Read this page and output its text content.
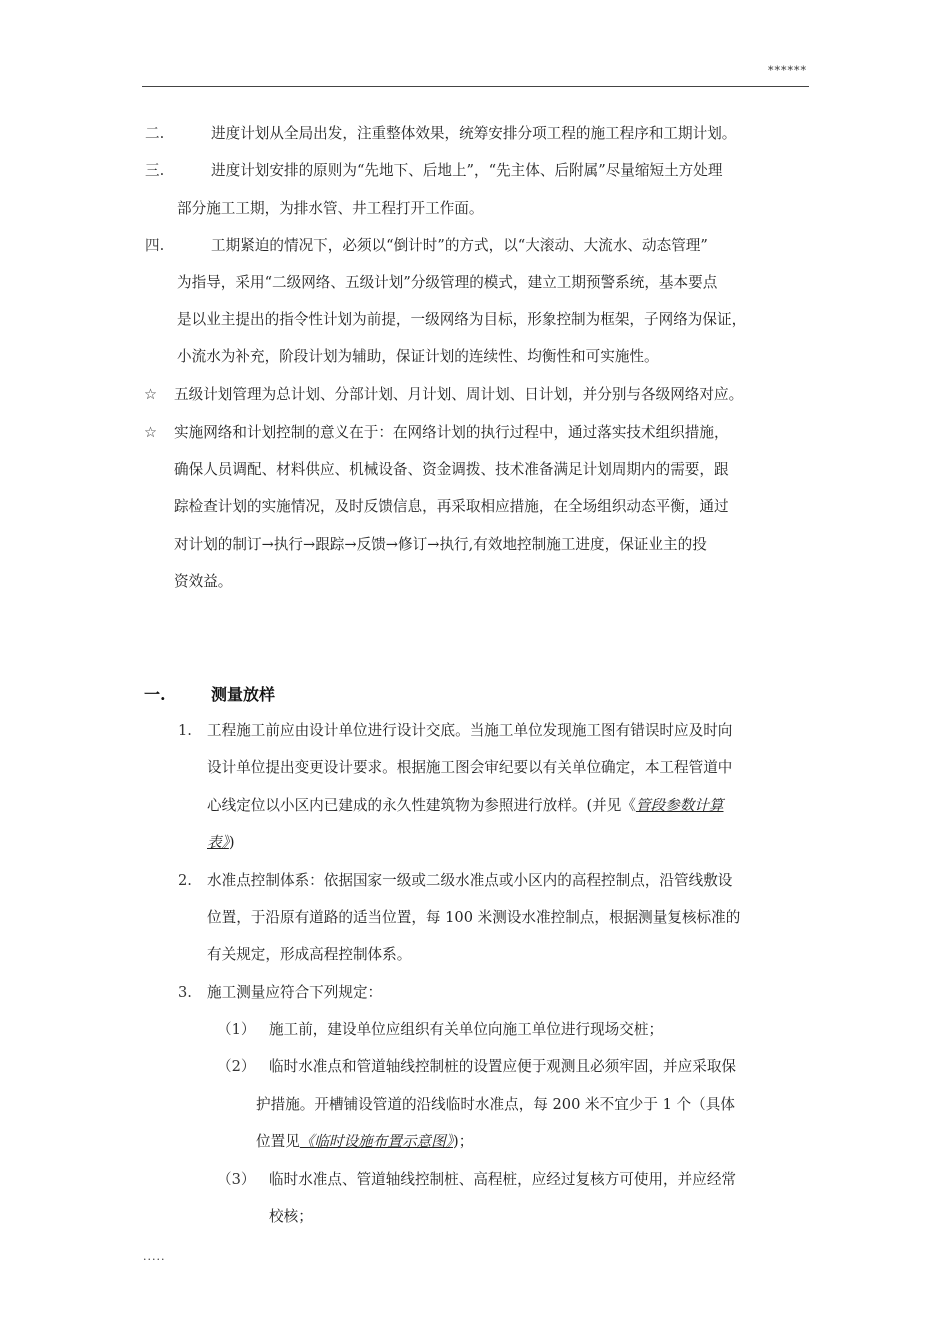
******
二.	进度计划从全局出发，注重整体效果，统筹安排分项工程的施工程序和工期计划。
三.	进度计划安排的原则为“先地下、后地上”，“先主体、后附属”尽量缩短土方处理
部分施工工期，为排水管、井工程打开工作面。
四.	工期紧迫的情况下，必须以“倒计时”的方式，以“大滚动、大流水、动态管理”
为指导，采用“二级网络、五级计划”分级管理的模式，建立工期预警系统，基本要点
是以业主提出的指令性计划为前提，一级网络为目标，形象控制为框架，子网络为保证，
小流水为补充，阶段计划为辅助，保证计划的连续性、均衡性和可实施性。
☆ 五级计划管理为总计划、分部计划、月计划、周计划、日计划，并分别与各级网络对应。
☆ 实施网络和计划控制的意义在于：在网络计划的执行过程中，通过落实技术组织措施，
确保人员调配、材料供应、机械设备、资金调拨、技术准备满足计划周期内的需要，跟
踪检查计划的实施情况，及时反馈信息，再采取相应措施，在全场组织动态平衡，通过
对计划的制订→执行→跟踪→反馈→修订→执行,有效地控制施工进度，保证业主的投
资效益。
一.	测量放样
1. 工程施工前应由设计单位进行设计交底。当施工单位发现施工图有错误时应及时向
设计单位提出变更设计要求。根据施工图会审纪要以有关单位确定，本工程管道中
心线定位以小区内已建成的永久性建筑物为参照进行放样。(并见《管段参数计算
表》)
2. 水准点控制体系：依据国家一级或二级水准点或小区内的高程控制点，沿管线敷设
位置，于沿原有道路的适当位置，每 100 米测设水准控制点，根据测量复核标准的
有关规定，形成高程控制体系。
3. 施工测量应符合下列规定：
（1） 施工前，建设单位应组织有关单位向施工单位进行现场交桩；
（2） 临时水准点和管道轴线控制桩的设置应便于观测且必须牢固，并应采取保
护措施。开槽铺设管道的沿线临时水准点，每 200 米不宜少于 1 个（具体
位置见《临时设施布置示意图》)；
（3） 临时水准点、管道轴线控制桩、高程桩，应经过复核方可使用，并应经常
校核；
.....
